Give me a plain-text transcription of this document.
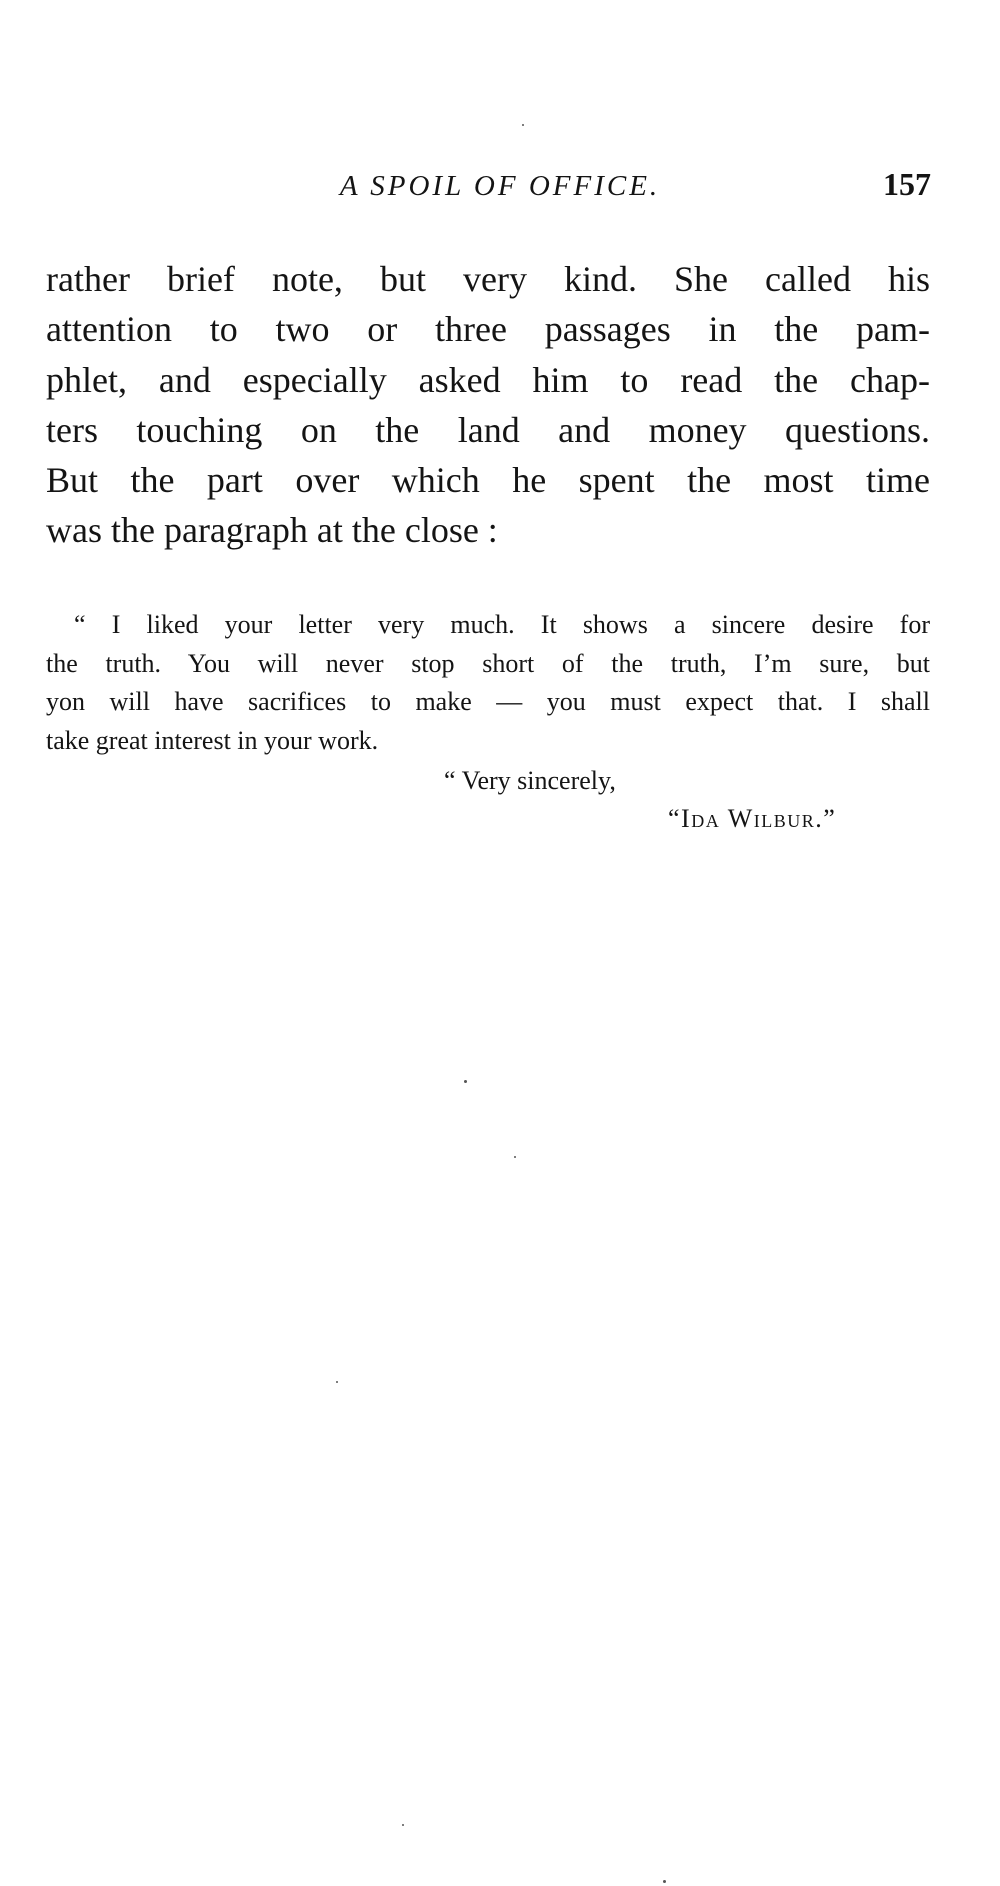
A SPOIL OF OFFICE.	157
rather brief note, but very kind. She called his
attention to two or three passages in the pam-
phlet, and especially asked him to read the chap-
ters touching on the land and money questions.
But the part over which he spent the most time
was the paragraph at the close :
“ I liked your letter very much. It shows a sincere desire for
the truth. You will never stop short of the truth, I’m sure, but
yon will have sacrifices to make — you must expect that. I shall
take great interest in your work.
“ Very sincerely,
“Ida Wilbur.”
